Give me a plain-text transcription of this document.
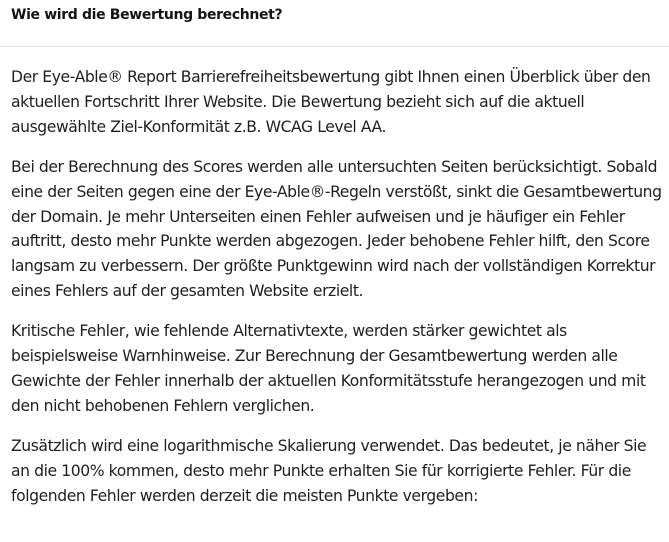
Wie wird die Bewertung berechnet?

Der Eye-Able® Report Barrierefreiheitsbewertung gibt Ihnen einen Überblick über den aktuellen Fortschritt Ihrer Website. Die Bewertung bezieht sich auf die aktuell ausgewählte Ziel-Konformität z.B. WCAG Level AA.

Bei der Berechnung des Scores werden alle untersuchten Seiten berücksichtigt. Sobald eine der Seiten gegen eine der Eye-Able®-Regeln verstößt, sinkt die Gesamtbewertung der Domain. Je mehr Unterseiten einen Fehler aufweisen und je häufiger ein Fehler auftritt, desto mehr Punkte werden abgezogen. Jeder behobene Fehler hilft, den Score langsam zu verbessern. Der größte Punktgewinn wird nach der vollständigen Korrektur eines Fehlers auf der gesamten Website erzielt.

Kritische Fehler, wie fehlende Alternativtexte, werden stärker gewichtet als beispielsweise Warnhinweise. Zur Berechnung der Gesamtbewertung werden alle Gewichte der Fehler innerhalb der aktuellen Konformitätsstufe herangezogen und mit den nicht behobenen Fehlern verglichen.

Zusätzlich wird eine logarithmische Skalierung verwendet. Das bedeutet, je näher Sie an die 100% kommen, desto mehr Punkte erhalten Sie für korrigierte Fehler. Für die folgenden Fehler werden derzeit die meisten Punkte vergeben:
